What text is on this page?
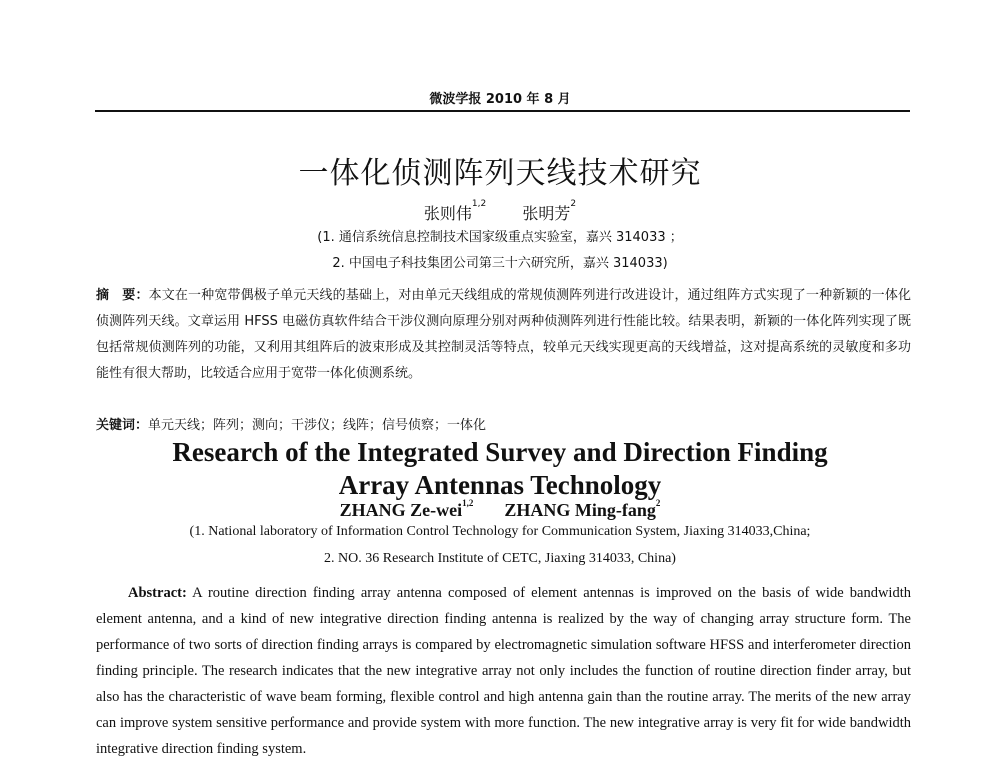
微波学报 2010 年 8 月
一体化侦测阵列天线技术研究
张则伟$^{1,2}$ 张明芳$^2$
(1. 通信系统信息控制技术国家级重点实验室，嘉兴 314033 ；
2. 中国电子科技集团公司第三十六研究所，嘉兴 314033)
摘　要：本文在一种宽带偶极子单元天线的基础上，对由单元天线组成的常规侦测阵列进行改进设计，通过组阵方式实现了一种新颖的一体化侦测阵列天线。文章运用 HFSS 电磁仿真软件结合干涉仪测向原理分别对两种侦测阵列进行性能比较。结果表明，新颖的一体化阵列实现了既包括常规侦测阵列的功能，又利用其组阵后的波束形成及其控制灵活等特点，较单元天线实现更高的天线增益，这对提高系统的灵敏度和多功能性有很大帮助，比较适合应用于宽带一体化侦测系统。
关键词：单元天线；阵列；测向；干涉仪；线阵；信号侦察；一体化
Research of the Integrated Survey and Direction Finding
Array Antennas Technology
ZHANG Ze-wei$^{1,2}$ ZHANG Ming-fang$^2$
(1. National laboratory of Information Control Technology for Communication System, Jiaxing 314033,China;
2. NO. 36 Research Institute of CETC, Jiaxing 314033, China)
Abstract: A routine direction finding array antenna composed of element antennas is improved on the basis of wide bandwidth element antenna, and a kind of new integrative direction finding antenna is realized by the way of changing array structure form. The performance of two sorts of direction finding arrays is compared by electromagnetic simulation software HFSS and interferometer direction finding principle. The research indicates that the new integrative array not only includes the function of routine direction finder array, but also has the characteristic of wave beam forming, flexible control and high antenna gain than the routine array. The merits of the new array can improve system sensitive performance and provide system with more function. The new integrative array is very fit for wide bandwidth integrative direction finding system.
